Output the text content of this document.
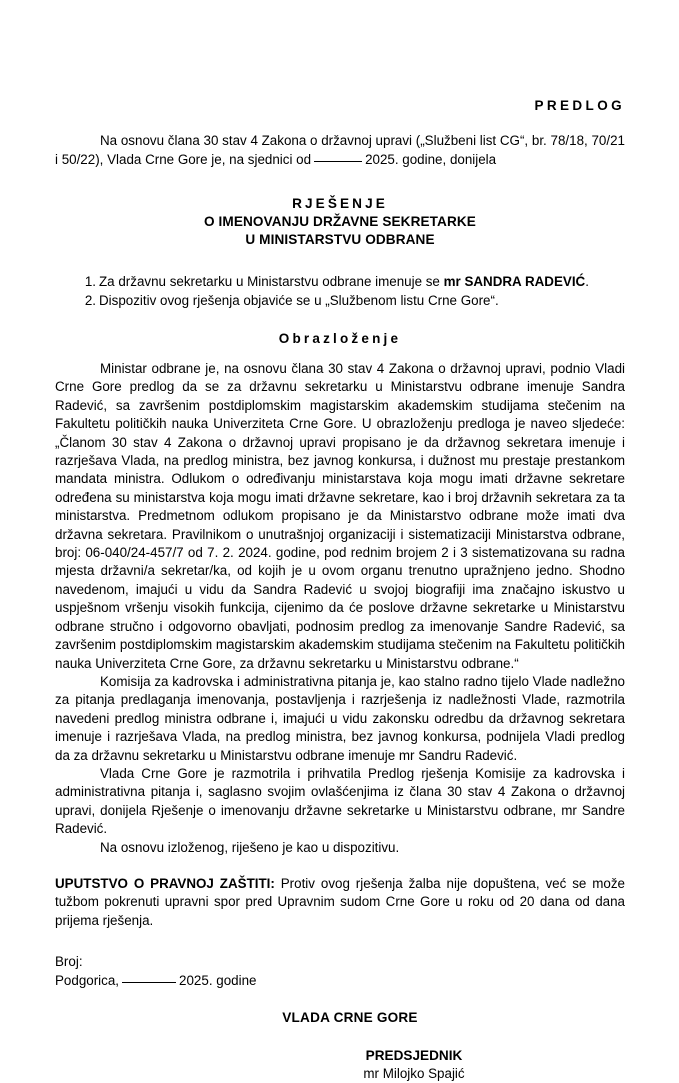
PREDLOG
Na osnovu člana 30 stav 4 Zakona o državnoj upravi („Službeni list CG“, br. 78/18, 70/21 i 50/22), Vlada Crne Gore je, na sjednici od	2025. godine, donijela
RJEŠENJE
O IMENOVANJU DRŽAVNE SEKRETARKE
U MINISTARSTVU ODBRANE
1. Za državnu sekretarku u Ministarstvu odbrane imenuje se mr SANDRA RADEVIĆ.
2. Dispozitiv ovog rješenja objaviće se u „Službenom listu Crne Gore“.
Obrazloženje

Ministar odbrane je, na osnovu člana 30 stav 4 Zakona o državnoj upravi, podnio Vladi Crne Gore predlog da se za državnu sekretarku u Ministarstvu odbrane imenuje Sandra Radević, sa završenim postdiplomskim magistarskim akademskim studijama stečenim na Fakultetu političkih nauka Univerziteta Crne Gore. U obrazloženju predloga je naveo sljedeće: „Članom 30 stav 4 Zakona o državnoj upravi propisano je da državnog sekretara imenuje i razrješava Vlada, na predlog ministra, bez javnog konkursa, i dužnost mu prestaje prestankom mandata ministra. Odlukom o određivanju ministarstava koja mogu imati državne sekretare određena su ministarstva koja mogu imati državne sekretare, kao i broj državnih sekretara za ta ministarstva. Predmetnom odlukom propisano je da Ministarstvo odbrane može imati dva državna sekretara. Pravilnikom o unutrašnjoj organizaciji i sistematizaciji Ministarstva odbrane, broj: 06-040/24-457/7 od 7. 2. 2024. godine, pod rednim brojem 2 i 3 sistematizovana su radna mjesta državni/a sekretar/ka, od kojih je u ovom organu trenutno upražnjeno jedno. Shodno navedenom, imajući u vidu da Sandra Radević u svojoj biografiji ima značajno iskustvo u uspješnom vršenju visokih funkcija, cijenimo da će poslove državne sekretarke u Ministarstvu odbrane stručno i odgovorno obavljati, podnosim predlog za imenovanje Sandre Radević, sa završenim postdiplomskim magistarskim akademskim studijama stečenim na Fakultetu političkih nauka Univerziteta Crne Gore, za državnu sekretarku u Ministarstvu odbrane.“

Komisija za kadrovska i administrativna pitanja je, kao stalno radno tijelo Vlade nadležno za pitanja predlaganja imenovanja, postavljenja i razrješenja iz nadležnosti Vlade, razmotrila navedeni predlog ministra odbrane i, imajući u vidu zakonsku odredbu da državnog sekretara imenuje i razrješava Vlada, na predlog ministra, bez javnog konkursa, podnijela Vladi predlog da za državnu sekretarku u Ministarstvu odbrane imenuje mr Sandru Radević.

Vlada Crne Gore je razmotrila i prihvatila Predlog rješenja Komisije za kadrovska i administrativna pitanja i, saglasno svojim ovlašćenjima iz člana 30 stav 4 Zakona o državnoj upravi, donijela Rješenje o imenovanju državne sekretarke u Ministarstvu odbrane, mr Sandre Radević.

Na osnovu izloženog, riješeno je kao u dispozitivu.

UPUTSTVO O PRAVNOJ ZAŠTITI: Protiv ovog rješenja žalba nije dopuštena, već se može tužbom pokrenuti upravni spor pred Upravnim sudom Crne Gore u roku od 20 dana od dana prijema rješenja.
Broj:
Podgorica,	2025. godine
VLADA CRNE GORE
PREDSJEDNIK
mr Milojko Spajić
